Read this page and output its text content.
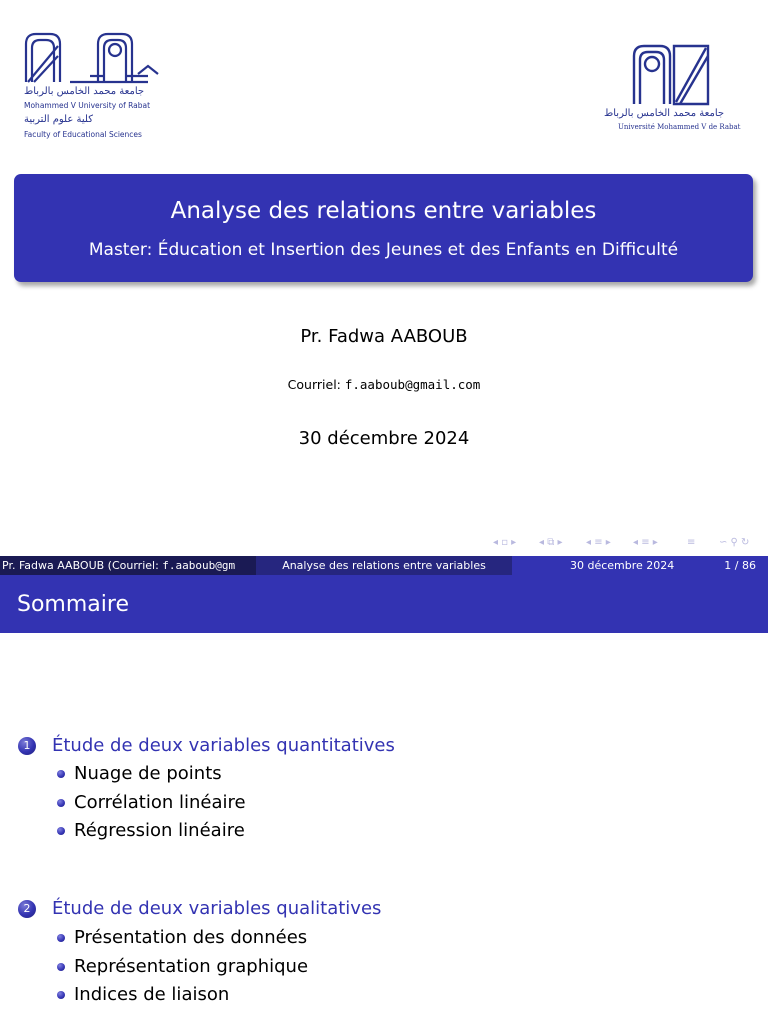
جامعة محمد الخامس بالرباط
Mohammed V University of Rabat
كلية علوم التربية
Faculty of Educational Sciences
جامعة محمد الخامس بالرباط
Université Mohammed V de Rabat
Analyse des relations entre variables
Master: Éducation et Insertion des Jeunes et des Enfants en Difficulté
Pr. Fadwa AABOUB
Courriel: f.aaboub@gmail.com
30 décembre 2024
◂ ▫ ▸ ◂ ⧉ ▸ ◂ ≡ ▸ ◂ ≡ ▸	≡ ∽ ⚲ ↻
Pr. Fadwa AABOUB (Courriel: f.aaboub@gm	Analyse des relations entre variables	30 décembre 2024	1 / 86
Sommaire
1	Étude de deux variables quantitatives
Nuage de points
Corrélation linéaire
Régression linéaire
2	Étude de deux variables qualitatives
Présentation des données
Représentation graphique
Indices de liaison
